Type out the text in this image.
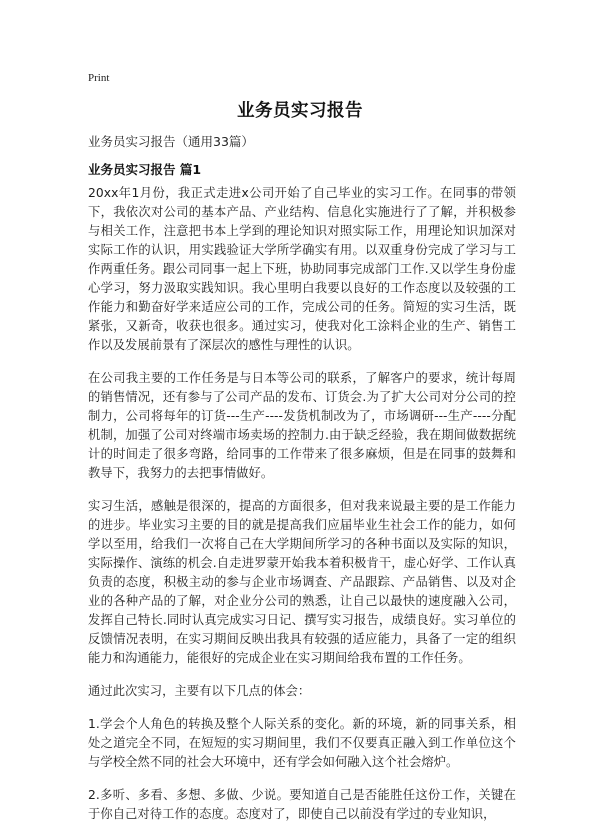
Print
业务员实习报告
业务员实习报告（通用33篇）
业务员实习报告 篇1

20xx年1月份，我正式走进x公司开始了自己毕业的实习工作。在同事的带领下，我依次对公司的基本产品、产业结构、信息化实施进行了了解，并积极参与相关工作，注意把书本上学到的理论知识对照实际工作，用理论知识加深对实际工作的认识，用实践验证大学所学确实有用。以双重身份完成了学习与工作两重任务。跟公司同事一起上下班，协助同事完成部门工作.又以学生身份虚心学习，努力汲取实践知识。我心里明白我要以良好的工作态度以及较强的工作能力和勤奋好学来适应公司的工作，完成公司的任务。简短的实习生活，既紧张，又新奇，收获也很多。通过实习，使我对化工涂料企业的生产、销售工作以及发展前景有了深层次的感性与理性的认识。

在公司我主要的工作任务是与日本等公司的联系，了解客户的要求，统计每周的销售情况，还有参与了公司产品的发布、订货会.为了扩大公司对分公司的控制力，公司将每年的订货---生产----发货机制改为了，市场调研---生产----分配机制，加强了公司对终端市场卖场的控制力.由于缺乏经验，我在期间做数据统计的时间走了很多弯路，给同事的工作带来了很多麻烦，但是在同事的鼓舞和教导下，我努力的去把事情做好。

实习生活，感触是很深的，提高的方面很多，但对我来说最主要的是工作能力的进步。毕业实习主要的目的就是提高我们应届毕业生社会工作的能力，如何学以至用，给我们一次将自己在大学期间所学习的各种书面以及实际的知识，实际操作、演练的机会.自走进罗蒙开始我本着积极肯干，虚心好学、工作认真负责的态度，积极主动的参与企业市场调查、产品跟踪、产品销售、以及对企业的各种产品的了解，对企业分公司的熟悉，让自己以最快的速度融入公司，发挥自己特长.同时认真完成实习日记、撰写实习报告，成绩良好。实习单位的反馈情况表明，在实习期间反映出我具有较强的适应能力，具备了一定的组织能力和沟通能力，能很好的完成企业在实习期间给我布置的工作任务。

通过此次实习，主要有以下几点的体会：

1.学会个人角色的转换及整个人际关系的变化。新的环境，新的同事关系，相处之道完全不同，在短短的实习期间里，我们不仅要真正融入到工作单位这个与学校全然不同的社会大环境中，还有学会如何融入这个社会熔炉。

2.多听、多看、多想、多做、少说。要知道自己是否能胜任这份工作，关键在于你自己对待工作的态度。态度对了，即使自己以前没有学过的专业知识，
